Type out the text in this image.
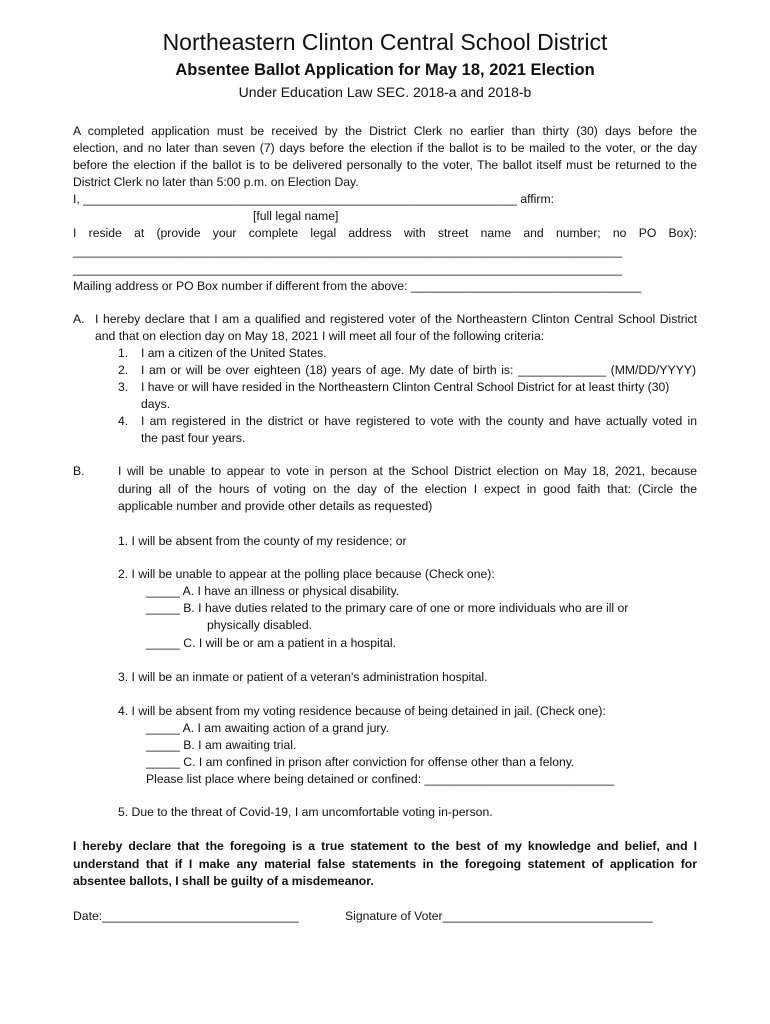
Northeastern Clinton Central School District
Absentee Ballot Application for May 18, 2021 Election
Under Education Law SEC. 2018-a and 2018-b
A completed application must be received by the District Clerk no earlier than thirty (30) days before the
election, and no later than seven (7) days before the election if the ballot is to be mailed to the voter, or the day
before the election if the ballot is to be delivered personally to the voter, The ballot itself must be returned to the
District Clerk no later than 5:00 p.m. on Election Day.
I, ________________________________________________________________ affirm:
[full legal name]
I reside at (provide your complete legal address with street name and number; no PO Box):
_________________________________________________________________________________
_________________________________________________________________________________
Mailing address or PO Box number if different from the above: __________________________________
A. I hereby declare that I am a qualified and registered voter of the Northeastern Clinton Central School District
and that on election day on May 18, 2021 I will meet all four of the following criteria:
1. I am a citizen of the United States.
2. I am or will be over eighteen (18) years of age. My date of birth is: _____________ (MM/DD/YYYY)
3. I have or will have resided in the Northeastern Clinton Central School District for at least thirty (30)
days.
4. I am registered in the district or have registered to vote with the county and have actually voted in
the past four years.
B.	I will be unable to appear to vote in person at the School District election on May 18, 2021, because
during all of the hours of voting on the day of the election I expect in good faith that: (Circle the
applicable number and provide other details as requested)
1. I will be absent from the county of my residence; or
2. I will be unable to appear at the polling place because (Check one):
_____ A. I have an illness or physical disability.
_____ B. I have duties related to the primary care of one or more individuals who are ill or
physically disabled.
_____ C. I will be or am a patient in a hospital.
3. I will be an inmate or patient of a veteran's administration hospital.
4. I will be absent from my voting residence because of being detained in jail. (Check one):
_____ A. I am awaiting action of a grand jury.
_____ B. I am awaiting trial.
_____ C. I am confined in prison after conviction for offense other than a felony.
Please list place where being detained or confined: ____________________________
5. Due to the threat of Covid-19, I am uncomfortable voting in-person.
I hereby declare that the foregoing is a true statement to the best of my knowledge and belief, and I
understand that if I make any material false statements in the foregoing statement of application for
absentee ballots, I shall be guilty of a misdemeanor.
Date:_____________________________	Signature of Voter_______________________________
